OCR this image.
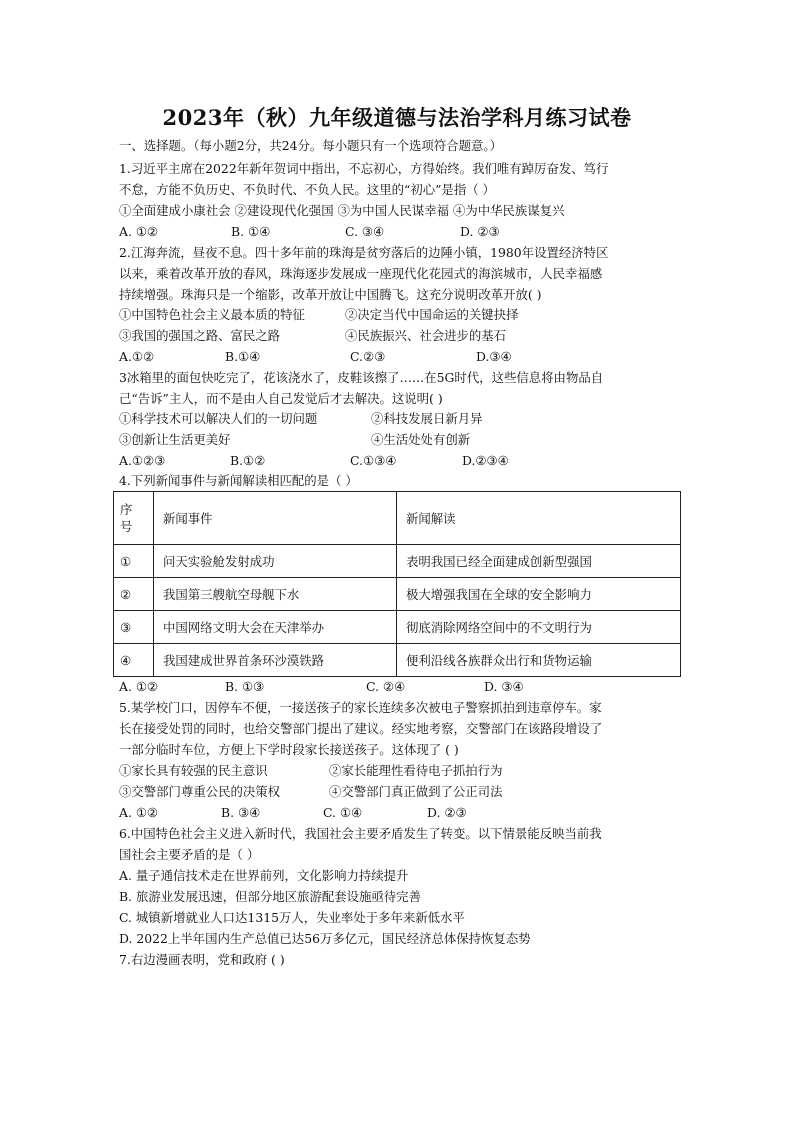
2023年（秋）九年级道德与法治学科月练习试卷
一、选择题。（每小题2分，共24分。每小题只有一个选项符合题意。）
1.习近平主席在2022年新年贺词中指出，不忘初心，方得始终。我们唯有踔厉奋发、笃行
不怠，方能不负历史、不负时代、不负人民。这里的“初心”是指（ ）
①全面建成小康社会 ②建设现代化强国 ③为中国人民谋幸福 ④为中华民族谋复兴
A. ①②	B. ①④	C. ③④	D. ②③
2.江海奔流，昼夜不息。四十多年前的珠海是贫穷落后的边陲小镇，1980年设置经济特区
以来，乘着改革开放的春风，珠海逐步发展成一座现代化花园式的海滨城市，人民幸福感
持续增强。珠海只是一个缩影，改革开放让中国腾飞。这充分说明改革开放( )
①中国特色社会主义最本质的特征	②决定当代中国命运的关键抉择
③我国的强国之路、富民之路	④民族振兴、社会进步的基石
A.①②	B.①④	C.②③	D.③④
3冰箱里的面包快吃完了，花该浇水了，皮鞋该擦了……在5G时代，这些信息将由物品自
己“告诉”主人，而不是由人自己发觉后才去解决。这说明( )
①科学技术可以解决人们的一切问题	②科技发展日新月异
③创新让生活更美好	④生活处处有创新
A.①②③	B.①②	C.①③④	D.②③④
4.下列新闻事件与新闻解读相匹配的是（ ）
序号	新闻事件	新闻解读
①	问天实验舱发射成功	表明我国已经全面建成创新型强国
②	我国第三艘航空母舰下水	极大增强我国在全球的安全影响力
③	中国网络文明大会在天津举办	彻底消除网络空间中的不文明行为
④	我国建成世界首条环沙漠铁路	便利沿线各族群众出行和货物运输
A. ①②	B. ①③	C. ②④	D. ③④
5.某学校门口，因停车不便，一接送孩子的家长连续多次被电子警察抓拍到违章停车。家
长在接受处罚的同时，也给交警部门提出了建议。经实地考察，交警部门在该路段增设了
一部分临时车位，方便上下学时段家长接送孩子。这体现了 ( )
①家长具有较强的民主意识	②家长能理性看待电子抓拍行为
③交警部门尊重公民的决策权	④交警部门真正做到了公正司法
A. ①②	B. ③④	C. ①④	D. ②③
6.中国特色社会主义进入新时代，我国社会主要矛盾发生了转变。以下情景能反映当前我
国社会主要矛盾的是（ ）
A. 量子通信技术走在世界前列，文化影响力持续提升
B. 旅游业发展迅速，但部分地区旅游配套设施亟待完善
C. 城镇新增就业人口达1315万人，失业率处于多年来新低水平
D. 2022上半年国内生产总值已达56万多亿元，国民经济总体保持恢复态势
7.右边漫画表明，党和政府 ( )
